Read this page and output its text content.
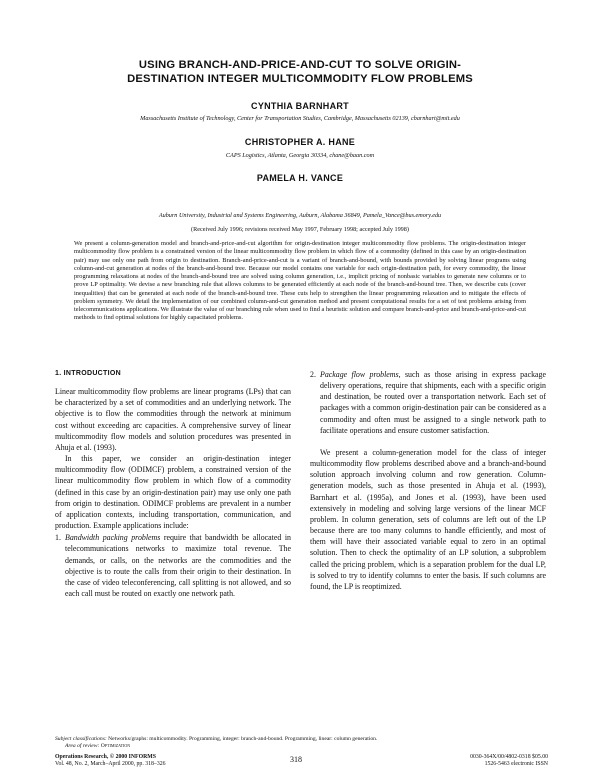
USING BRANCH-AND-PRICE-AND-CUT TO SOLVE ORIGIN-
DESTINATION INTEGER MULTICOMMODITY FLOW PROBLEMS
CYNTHIA BARNHART
Massachusetts Institute of Technology, Center for Transportation Studies, Cambridge, Massachusetts 02139, cbarnhart@mit.edu
CHRISTOPHER A. HANE
CAPS Logistics, Atlanta, Georgia 30334, chane@baan.com
PAMELA H. VANCE
Auburn University, Industrial and Systems Engineering, Auburn, Alabama 36849, Pamela_Vance@bus.emory.edu
(Received July 1996; revisions received May 1997, February 1998; accepted July 1998)
We present a column-generation model and branch-and-price-and-cut algorithm for origin-destination integer multicommodity flow problems. The origin-destination integer multicommodity flow problem is a constrained version of the linear multicommodity flow problem in which flow of a commodity (defined in this case by an origin-destination pair) may use only one path from origin to destination. Branch-and-price-and-cut is a variant of branch-and-bound, with bounds provided by solving linear programs using column-and-cut generation at nodes of the branch-and-bound tree. Because our model contains one variable for each origin-destination path, for every commodity, the linear programming relaxations at nodes of the branch-and-bound tree are solved using column generation, i.e., implicit pricing of nonbasic variables to generate new columns or to prove LP optimality. We devise a new branching rule that allows columns to be generated efficiently at each node of the branch-and-bound tree. Then, we describe cuts (cover inequalities) that can be generated at each node of the branch-and-bound tree. These cuts help to strengthen the linear programming relaxation and to mitigate the effects of problem symmetry. We detail the implementation of our combined column-and-cut generation method and present computational results for a set of test problems arising from telecommunications applications. We illustrate the value of our branching rule when used to find a heuristic solution and compare branch-and-price and branch-and-price-and-cut methods to find optimal solutions for highly capacitated problems.

1. INTRODUCTION

Linear multicommodity flow problems are linear programs (LPs) that can be characterized by a set of commodities and an underlying network. The objective is to flow the commodities through the network at minimum cost without exceeding arc capacities. A comprehensive survey of linear multicommodity flow models and solution procedures was presented in Ahuja et al. (1993).

In this paper, we consider an origin-destination integer multicommodity flow (ODIMCF) problem, a constrained version of the linear multicommodity flow problem in which flow of a commodity (defined in this case by an origin-destination pair) may use only one path from origin to destination. ODIMCF problems are prevalent in a number of application contexts, including transportation, communication, and production. Example applications include:

1. Bandwidth packing problems require that bandwidth be allocated in telecommunications networks to maximize total revenue. The demands, or calls, on the networks are the commodities and the objective is to route the calls from their origin to their destination. In the case of video teleconferencing, call splitting is not allowed, and so each call must be routed on exactly one network path.
2. Package flow problems, such as those arising in express package delivery operations, require that shipments, each with a specific origin and destination, be routed over a transportation network. Each set of packages with a common origin-destination pair can be considered as a commodity and often must be assigned to a single network path to facilitate operations and ensure customer satisfaction.

We present a column-generation model for the class of integer multicommodity flow problems described above and a branch-and-bound solution approach involving column and row generation. Column-generation models, such as those presented in Ahuja et al. (1993), Barnhart et al. (1995a), and Jones et al. (1993), have been used extensively in modeling and solving large versions of the linear MCF problem. In column generation, sets of columns are left out of the LP because there are too many columns to handle efficiently, and most of them will have their associated variable equal to zero in an optimal solution. Then to check the optimality of an LP solution, a subproblem called the pricing problem, which is a separation problem for the dual LP, is solved to try to identify columns to enter the basis. If such columns are found, the LP is reoptimized.

Subject classifications: Networks/graphs: multicommodity. Programming, integer: branch-and-bound. Programming, linear: column generation.
Area of review: Optimization
Operations Research, © 2000 INFORMS
Vol. 48, No. 2, March–April 2000, pp. 318–326	318	0030-364X/00/4802-0318 $05.00
1526-5463 electronic ISSN
